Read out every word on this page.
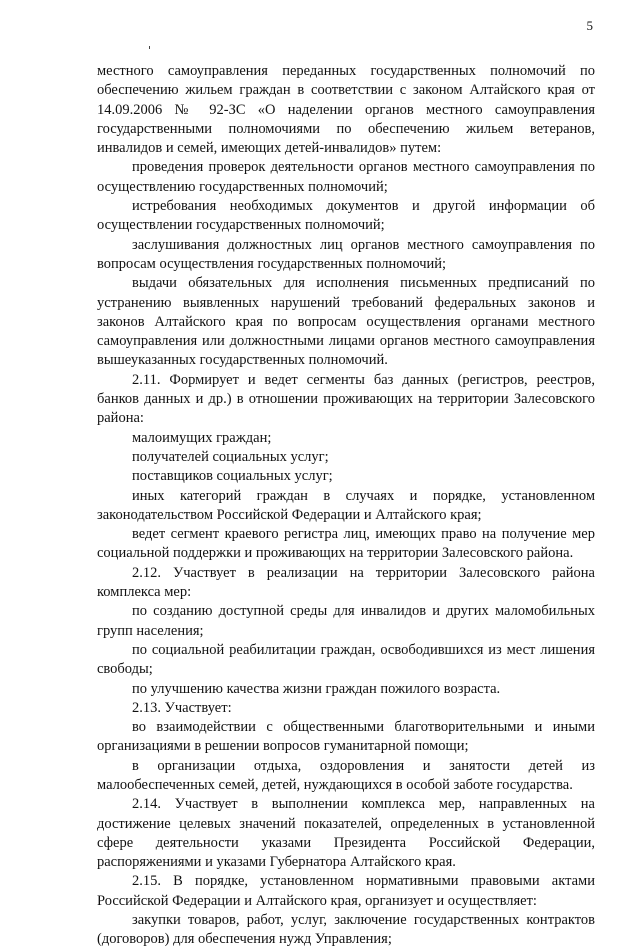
5

местного самоуправления переданных государственных полномочий по обеспечению жильем граждан в соответствии с законом Алтайского края от 14.09.2006 № 92-ЗС «О наделении органов местного самоуправления государственными полномочиями по обеспечению жильем ветеранов, инвалидов и семей, имеющих детей-инвалидов» путем:

проведения проверок деятельности органов местного самоуправления по осуществлению государственных полномочий;

истребования необходимых документов и другой информации об осуществлении государственных полномочий;

заслушивания должностных лиц органов местного самоуправления по вопросам осуществления государственных полномочий;

выдачи обязательных для исполнения письменных предписаний по устранению выявленных нарушений требований федеральных законов и законов Алтайского края по вопросам осуществления органами местного самоуправления или должностными лицами органов местного самоуправления вышеуказанных государственных полномочий.

2.11. Формирует и ведет сегменты баз данных (регистров, реестров, банков данных и др.) в отношении проживающих на территории Залесовского района:

малоимущих граждан;

получателей социальных услуг;

поставщиков социальных услуг;

иных категорий граждан в случаях и порядке, установленном законодательством Российской Федерации и Алтайского края;

ведет сегмент краевого регистра лиц, имеющих право на получение мер социальной поддержки и проживающих на территории Залесовского района.

2.12. Участвует в реализации на территории Залесовского района комплекса мер:

по созданию доступной среды для инвалидов и других маломобильных групп населения;

по социальной реабилитации граждан, освободившихся из мест лишения свободы;

по улучшению качества жизни граждан пожилого возраста.

2.13. Участвует:

во взаимодействии с общественными благотворительными и иными организациями в решении вопросов гуманитарной помощи;

в организации отдыха, оздоровления и занятости детей из малообеспеченных семей, детей, нуждающихся в особой заботе государства.

2.14. Участвует в выполнении комплекса мер, направленных на достижение целевых значений показателей, определенных в установленной сфере деятельности указами Президента Российской Федерации, распоряжениями и указами Губернатора Алтайского края.

2.15. В порядке, установленном нормативными правовыми актами Российской Федерации и Алтайского края, организует и осуществляет:

закупки товаров, работ, услуг, заключение государственных контрактов (договоров) для обеспечения нужд Управления;
